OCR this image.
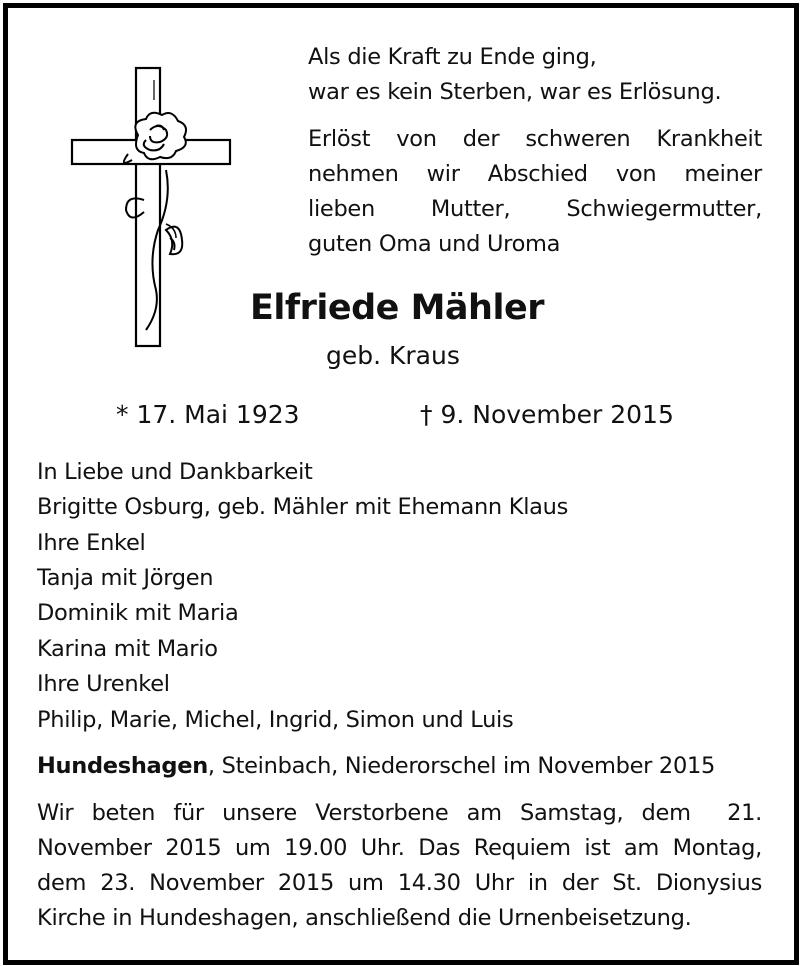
Als die Kraft zu Ende ging,
war es kein Sterben, war es Erlösung.
Erlöst von der schweren Krankheit
nehmen wir Abschied von meiner
lieben Mutter, Schwiegermutter,
guten Oma und Uroma
Elfriede Mähler
geb. Kraus
* 17. Mai 1923	† 9. November 2015
In Liebe und Dankbarkeit
Brigitte Osburg, geb. Mähler mit Ehemann Klaus
Ihre Enkel
Tanja mit Jörgen
Dominik mit Maria
Karina mit Mario
Ihre Urenkel
Philip, Marie, Michel, Ingrid, Simon und Luis
Hundeshagen, Steinbach, Niederorschel im November 2015
Wir beten für unsere Verstorbene am Samstag, dem  21.
November 2015 um 19.00 Uhr. Das Requiem ist am Montag,
dem 23. November 2015 um 14.30 Uhr in der St. Dionysius
Kirche in Hundeshagen, anschließend die Urnenbeisetzung.
